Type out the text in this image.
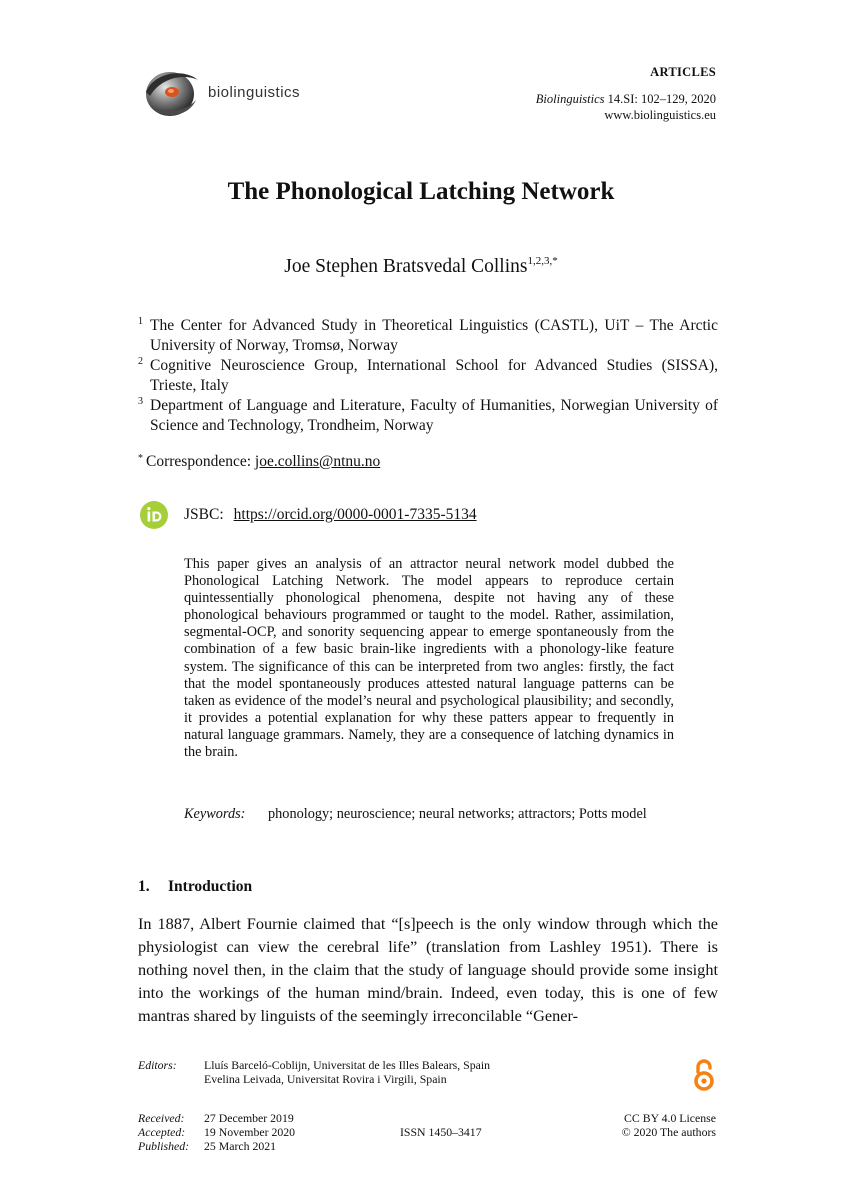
biolinguistics
ARTICLES
Biolinguistics 14.SI: 102–129, 2020
www.biolinguistics.eu
The Phonological Latching Network
Joe Stephen Bratsvedal Collins$^{1,2,3,*}$
1 The Center for Advanced Study in Theoretical Linguistics (CASTL), UiT – The Arctic University of Norway, Tromsø, Norway
2 Cognitive Neuroscience Group, International School for Advanced Studies (SISSA), Trieste, Italy
3 Department of Language and Literature, Faculty of Humanities, Norwegian University of Science and Technology, Trondheim, Norway
* Correspondence: joe.collins@ntnu.no
JSBC: https://orcid.org/0000-0001-7335-5134
This paper gives an analysis of an attractor neural network model dubbed the Phonological Latching Network. The model appears to reproduce certain quintessentially phonological phenomena, despite not having any of these phonological behaviours programmed or taught to the model. Rather, assimilation, segmental-OCP, and sonority sequencing appear to emerge spontaneously from the combination of a few basic brain-like ingredients with a phonology-like feature system. The significance of this can be interpreted from two angles: firstly, the fact that the model spontaneously produces attested natural language patterns can be taken as evidence of the model’s neural and psychological plausibility; and secondly, it provides a potential explanation for why these patters appear to frequently in natural language grammars. Namely, they are a consequence of latching dynamics in the brain.
Keywords:	phonology; neuroscience; neural networks; attractors; Potts model
1. Introduction
In 1887, Albert Fournie claimed that “[s]peech is the only window through which the physiologist can view the cerebral life” (translation from Lashley 1951). There is nothing novel then, in the claim that the study of language should provide some insight into the workings of the human mind/brain. Indeed, even today, this is one of few mantras shared by linguists of the seemingly irreconcilable “Gener-
Editors:	Lluís Barceló-Coblijn, Universitat de les Illes Balears, Spain
Evelina Leivada, Universitat Rovira i Virgili, Spain
Received:	27 December 2019
Accepted:	19 November 2020
Published:	25 March 2021
ISSN 1450–3417
CC BY 4.0 License
© 2020 The authors
